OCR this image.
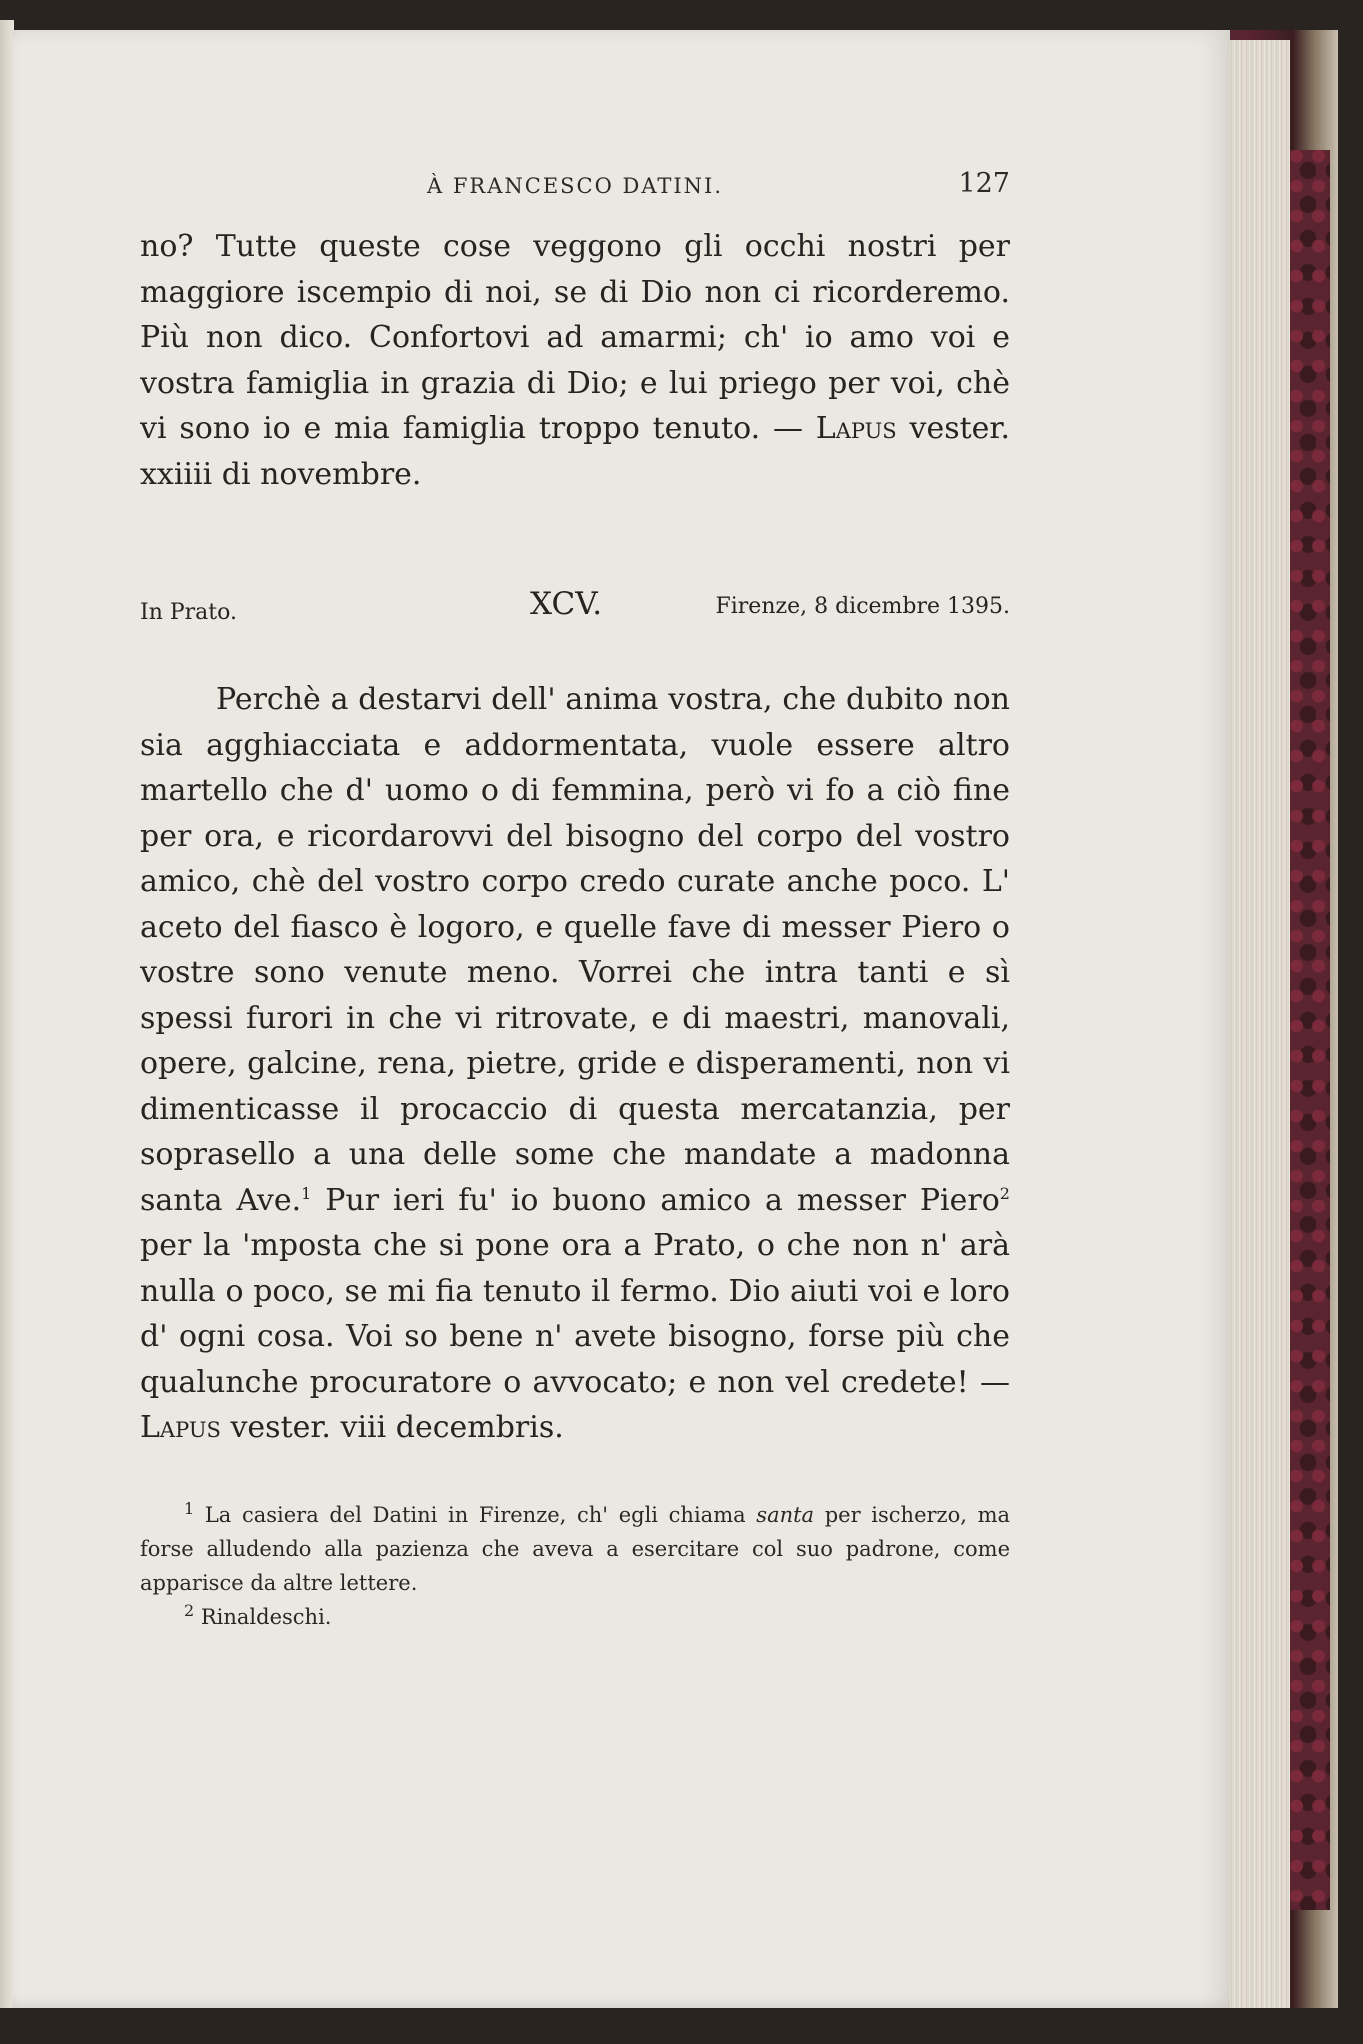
À FRANCESCO DATINI.	127

no? Tutte queste cose veggono gli occhi nostri per maggiore iscempio di noi, se di Dio non ci ricorderemo. Più non dico. Confortovi ad amarmi; ch' io amo voi e vostra famiglia in grazia di Dio; e lui priego per voi, chè vi sono io e mia famiglia troppo tenuto. — Lapus vester. xxiiii di novembre.

In Prato.	XCV.	Firenze, 8 dicembre 1395.

Perchè a destarvi dell' anima vostra, che dubito non sia agghiacciata e addormentata, vuole essere altro martello che d' uomo o di femmina, però vi fo a ciò fine per ora, e ricordarovvi del bisogno del corpo del vostro amico, chè del vostro corpo credo curate anche poco. L' aceto del fiasco è logoro, e quelle fave di messer Piero o vostre sono venute meno. Vorrei che intra tanti e sì spessi furori in che vi ritrovate, e di maestri, manovali, opere, galcine, rena, pietre, gride e disperamenti, non vi dimenticasse il procaccio di questa mercatanzia, per soprasello a una delle some che mandate a madonna santa Ave.$^1$ Pur ieri fu' io buono amico a messer Piero$^2$ per la 'mposta che si pone ora a Prato, o che non n' arà nulla o poco, se mi fia tenuto il fermo. Dio aiuti voi e loro d' ogni cosa. Voi so bene n' avete bisogno, forse più che qualunche procuratore o avvocato; e non vel credete! — Lapus vester. viii decembris.

$^1$ La casiera del Datini in Firenze, ch' egli chiama santa per ischerzo, ma forse alludendo alla pazienza che aveva a esercitare col suo padrone, come apparisce da altre lettere.

$^2$ Rinaldeschi.
